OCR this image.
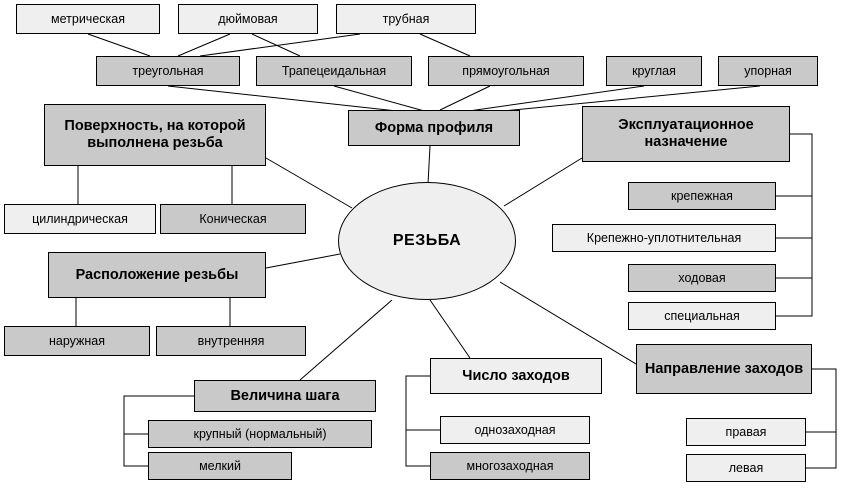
РЕЗЬБА
метрическая	дюймовая	трубная
треугольная	Трапецеидальная	прямоугольная	круглая	упорная
Поверхность, на которой выполнена резьба
Форма профиля	Эксплуатационное назначение
цилиндрическая	Коническая
крепежная
Крепежно-уплотнительная
ходовая
специальная
Расположение резьбы
наружная	внутренняя
Величина шага
крупный (нормальный)
мелкий
Число заходов
однозаходная
многозаходная
Направление заходов
правая
левая
